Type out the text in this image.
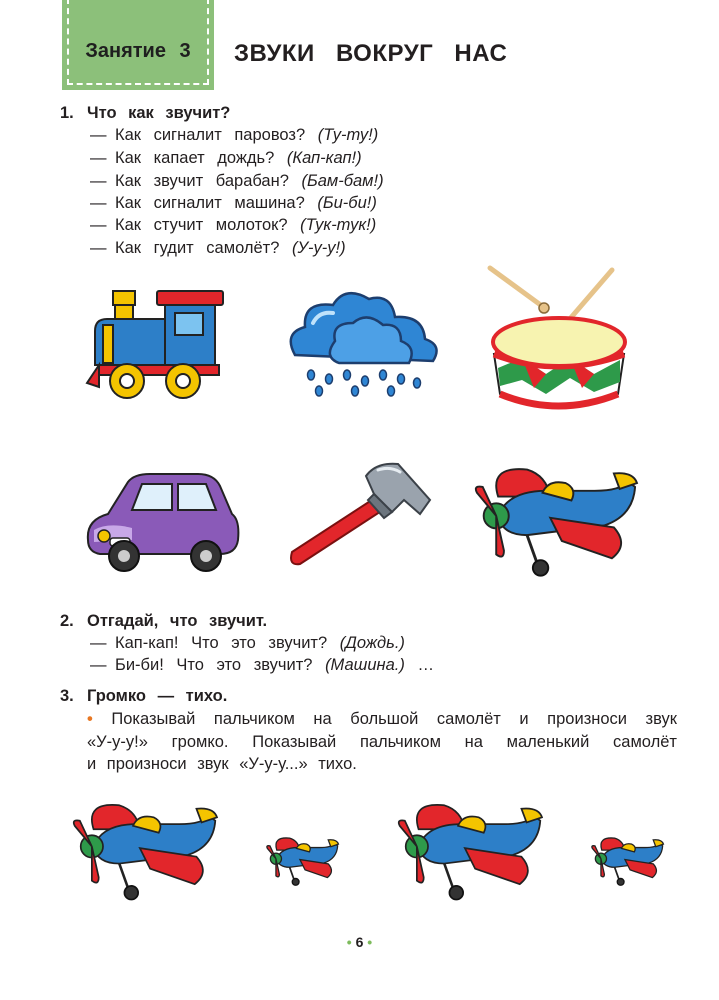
Занятие 3	ЗВУКИ ВОКРУГ НАС
1. Что как звучит?
— Как сигналит паровоз? (Ту-ту!)
— Как капает дождь? (Кап-кап!)
— Как звучит барабан? (Бам-бам!)
— Как сигналит машина? (Би-би!)
— Как стучит молоток? (Тук-тук!)
— Как гудит самолёт? (У-у-у!)
2. Отгадай, что звучит.
— Кап-кап! Что это звучит? (Дождь.)
— Би-би! Что это звучит? (Машина.) …
3. Громко — тихо.
• Показывай пальчиком на большой самолёт и произноси звук
«У-у-у!» громко. Показывай пальчиком на маленький самолёт
и произноси звук «У-у-у...» тихо.
• 6 •
